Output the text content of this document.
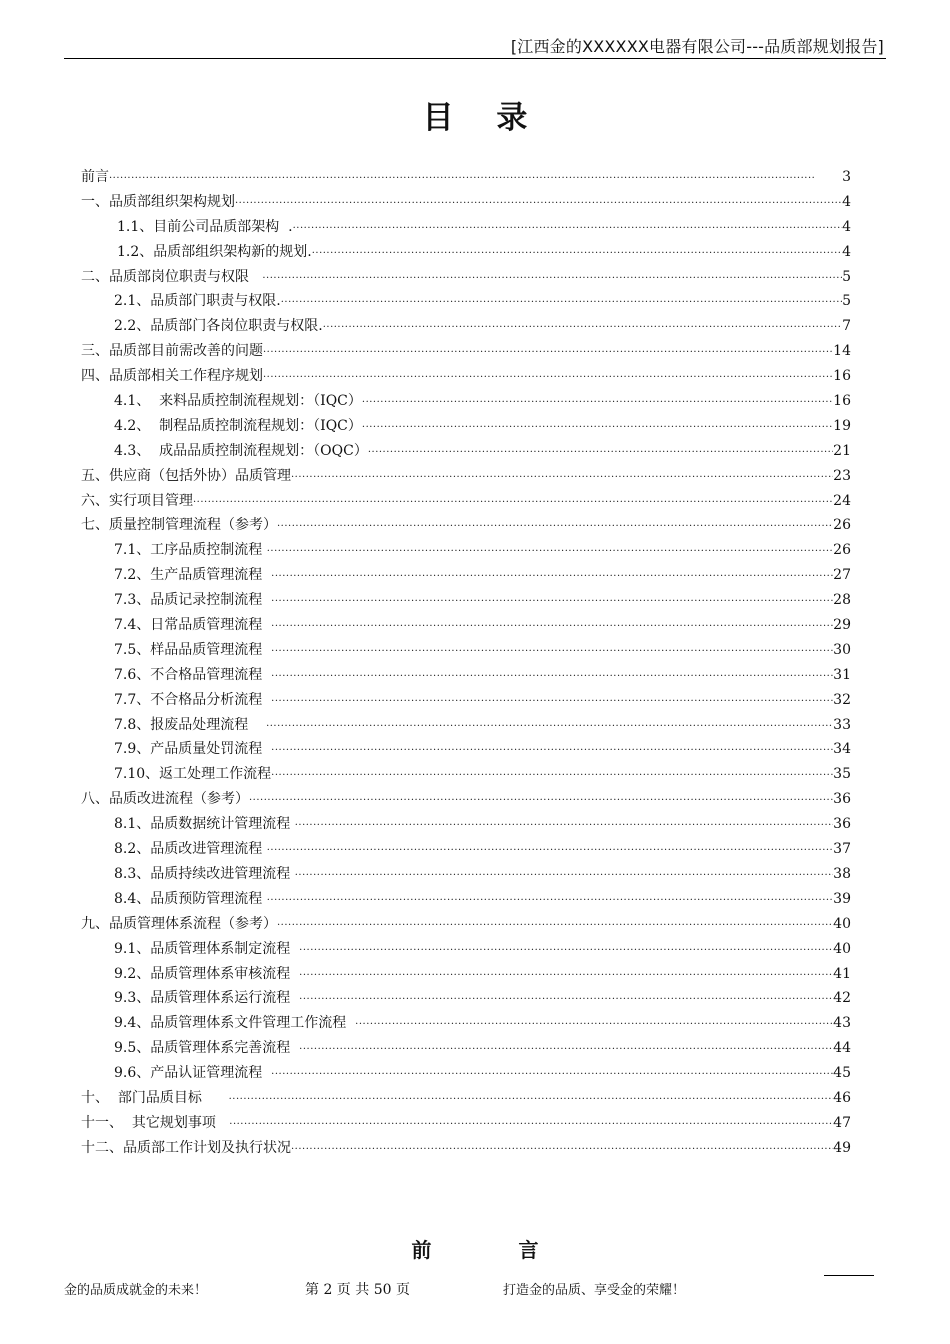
[江西金的XXXXXX电器有限公司---品质部规划报告]
目 录
前言 ·····	3
一、品质部组织架构规划 ·····	4
1.1、目前公司品质部架构  . ·····	4
1.2、品质部组织架构新的规划. ·····	4
二、品质部岗位职责与权限 ·····	5
2.1、品质部门职责与权限. ·····	5
2.2、品质部门各岗位职责与权限. ·····	7
三、品质部目前需改善的问题 ·····	14
四、品质部相关工作程序规划 ·····	16
4.1、  来料品质控制流程规划：（IQC） ·····	16
4.2、  制程品质控制流程规划：（IQC） ·····	19
4.3、  成品品质控制流程规划：（OQC） ·····	21
五、供应商（包括外协）品质管理 ·····	23
六、实行项目管理 ·····	24
七、质量控制管理流程（参考） ·····	26
7.1、工序品质控制流程 ·····	26
7.2、生产品质管理流程 ·····	27
7.3、品质记录控制流程 ·····	28
7.4、日常品质管理流程 ·····	29
7.5、样品品质管理流程 ·····	30
7.6、不合格品管理流程 ·····	31
7.7、不合格品分析流程 ·····	32
7.8、报废品处理流程 ·····	33
7.9、产品质量处罚流程 ·····	34
7.10、返工处理工作流程 ·····	35
八、品质改进流程（参考） ·····	36
8.1、品质数据统计管理流程 ·····	36
8.2、品质改进管理流程 ·····	37
8.3、品质持续改进管理流程 ·····	38
8.4、品质预防管理流程 ·····	39
九、品质管理体系流程（参考） ·····	40
9.1、品质管理体系制定流程 ·····	40
9.2、品质管理体系审核流程 ·····	41
9.3、品质管理体系运行流程 ·····	42
9.4、品质管理体系文件管理工作流程 ·····	43
9.5、品质管理体系完善流程 ·····	44
9.6、产品认证管理流程 ·····	45
十、  部门品质目标 ·····	46
十一、  其它规划事项 ·····	47
十二、品质部工作计划及执行状况 ·····	49
前 言
金的品质成就金的未来！	第 2 页 共 50 页	打造金的品质、享受金的荣耀！
